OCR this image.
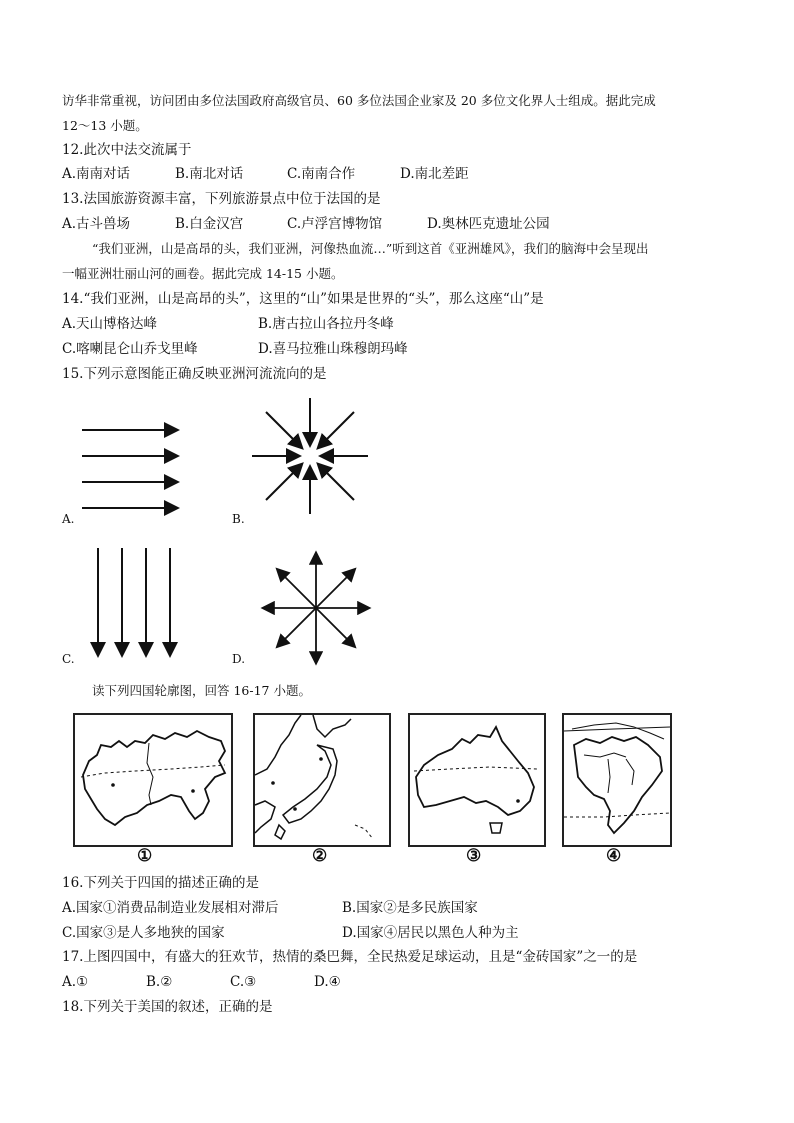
访华非常重视，访问团由多位法国政府高级官员、60 多位法国企业家及 20 多位文化界人士组成。据此完成
12～13 小题。
12.此次中法交流属于
A.南南对话	B.南北对话	C.南南合作	D.南北差距
13.法国旅游资源丰富，下列旅游景点中位于法国的是
A.古斗兽场	B.白金汉宫	C.卢浮宫博物馆	D.奥林匹克遗址公园
“我们亚洲，山是高昂的头，我们亚洲，河像热血流…”听到这首《亚洲雄风》，我们的脑海中会呈现出
一幅亚洲壮丽山河的画卷。据此完成 14-15 小题。
14.“我们亚洲，山是高昂的头”，这里的“山”如果是世界的“头”，那么这座“山”是
A.天山博格达峰	B.唐古拉山各拉丹冬峰
C.喀喇昆仑山乔戈里峰	D.喜马拉雅山珠穆朗玛峰
15.下列示意图能正确反映亚洲河流流向的是
A.	B.
C.	D.
读下列四国轮廓图，回答 16-17 小题。
①	②	③	④
16.下列关于四国的描述正确的是
A.国家①消费品制造业发展相对滞后	B.国家②是多民族国家
C.国家③是人多地狭的国家	D.国家④居民以黑色人种为主
17.上图四国中，有盛大的狂欢节，热情的桑巴舞，全民热爱足球运动，且是“金砖国家”之一的是
A.①	B.②	C.③	D.④
18.下列关于美国的叙述，正确的是
